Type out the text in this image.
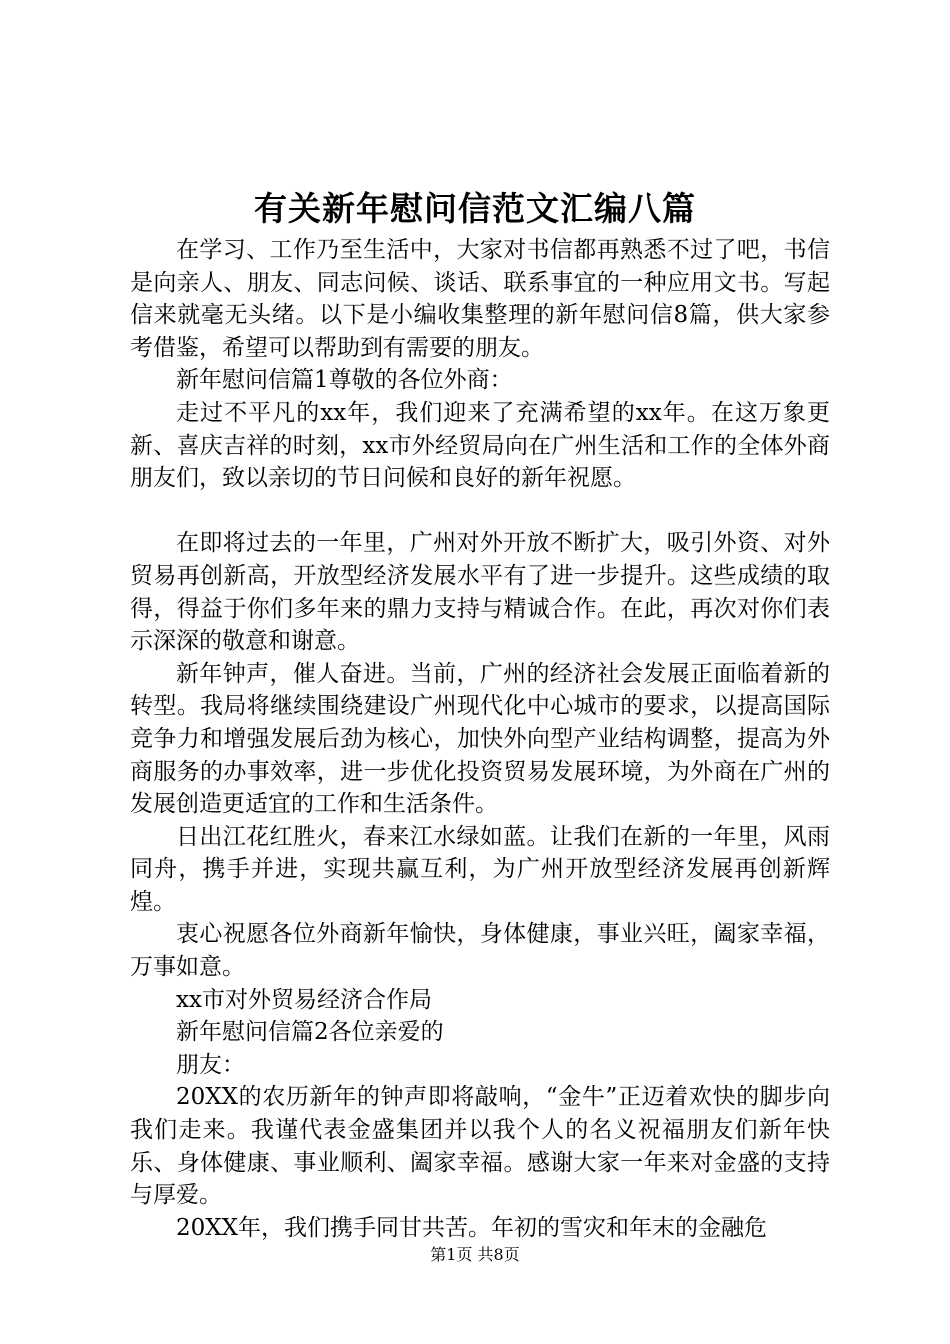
有关新年慰问信范文汇编八篇

在学习、工作乃至生活中，大家对书信都再熟悉不过了吧，书信是向亲人、朋友、同志问候、谈话、联系事宜的一种应用文书。写起信来就毫无头绪。以下是小编收集整理的新年慰问信8篇，供大家参考借鉴，希望可以帮助到有需要的朋友。

新年慰问信篇1尊敬的各位外商：

走过不平凡的xx年，我们迎来了充满希望的xx年。在这万象更新、喜庆吉祥的时刻，xx市外经贸局向在广州生活和工作的全体外商朋友们，致以亲切的节日问候和良好的新年祝愿。

在即将过去的一年里，广州对外开放不断扩大，吸引外资、对外贸易再创新高，开放型经济发展水平有了进一步提升。这些成绩的取得，得益于你们多年来的鼎力支持与精诚合作。在此，再次对你们表示深深的敬意和谢意。

新年钟声，催人奋进。当前，广州的经济社会发展正面临着新的转型。我局将继续围绕建设广州现代化中心城市的要求，以提高国际竞争力和增强发展后劲为核心，加快外向型产业结构调整，提高为外商服务的办事效率，进一步优化投资贸易发展环境，为外商在广州的发展创造更适宜的工作和生活条件。

日出江花红胜火，春来江水绿如蓝。让我们在新的一年里，风雨同舟，携手并进，实现共赢互利，为广州开放型经济发展再创新辉煌。

衷心祝愿各位外商新年愉快，身体健康，事业兴旺，阖家幸福，万事如意。

xx市对外贸易经济合作局

新年慰问信篇2各位亲爱的

朋友：

20XX的农历新年的钟声即将敲响，“金牛”正迈着欢快的脚步向我们走来。我谨代表金盛集团并以我个人的名义祝福朋友们新年快乐、身体健康、事业顺利、阖家幸福。感谢大家一年来对金盛的支持与厚爱。

20XX年，我们携手同甘共苦。年初的雪灾和年末的金融危

第1页 共8页
